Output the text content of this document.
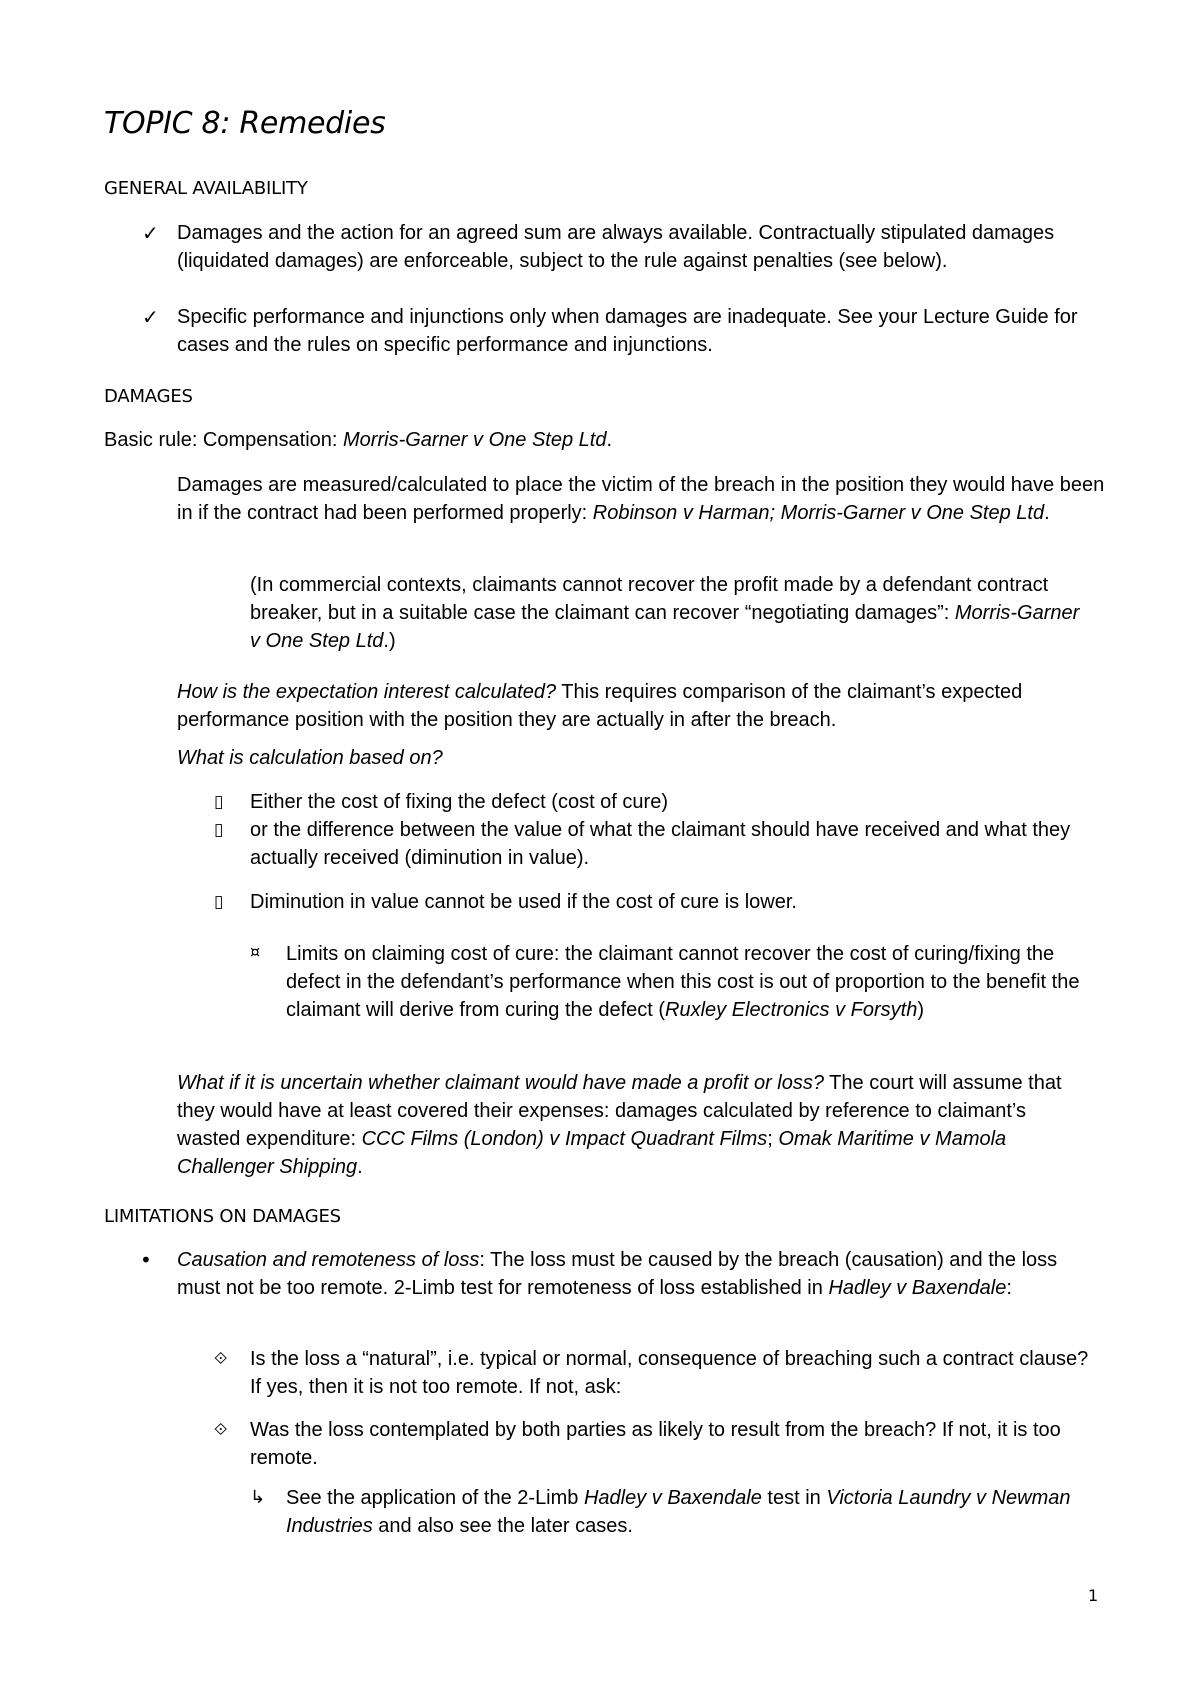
TOPIC 8: Remedies
GENERAL AVAILABILITY
✓ Damages and the action for an agreed sum are always available. Contractually stipulated damages (liquidated damages) are enforceable, subject to the rule against penalties (see below).

✓ Specific performance and injunctions only when damages are inadequate. See your Lecture Guide for cases and the rules on specific performance and injunctions.

DAMAGES

Basic rule: Compensation: Morris-Garner v One Step Ltd.

Damages are measured/calculated to place the victim of the breach in the position they would have been in if the contract had been performed properly: Robinson v Harman; Morris-Garner v One Step Ltd.

(In commercial contexts, claimants cannot recover the profit made by a defendant contract breaker, but in a suitable case the claimant can recover “negotiating damages”: Morris-Garner v One Step Ltd.)

How is the expectation interest calculated? This requires comparison of the claimant’s expected performance position with the position they are actually in after the breach.

What is calculation based on?

▯ Either the cost of fixing the defect (cost of cure)

▯ or the difference between the value of what the claimant should have received and what they actually received (diminution in value).

▯ Diminution in value cannot be used if the cost of cure is lower.

¤ Limits on claiming cost of cure: the claimant cannot recover the cost of curing/fixing the defect in the defendant’s performance when this cost is out of proportion to the benefit the claimant will derive from curing the defect (Ruxley Electronics v Forsyth)

What if it is uncertain whether claimant would have made a profit or loss? The court will assume that they would have at least covered their expenses: damages calculated by reference to claimant’s wasted expenditure: CCC Films (London) v Impact Quadrant Films; Omak Maritime v Mamola Challenger Shipping.

LIMITATIONS ON DAMAGES
• Causation and remoteness of loss: The loss must be caused by the breach (causation) and the loss must not be too remote. 2-Limb test for remoteness of loss established in Hadley v Baxendale:

⟐ Is the loss a “natural”, i.e. typical or normal, consequence of breaching such a contract clause? If yes, then it is not too remote. If not, ask:

⟐ Was the loss contemplated by both parties as likely to result from the breach? If not, it is too remote.

↳ See the application of the 2-Limb Hadley v Baxendale test in Victoria Laundry v Newman Industries and also see the later cases.

1
